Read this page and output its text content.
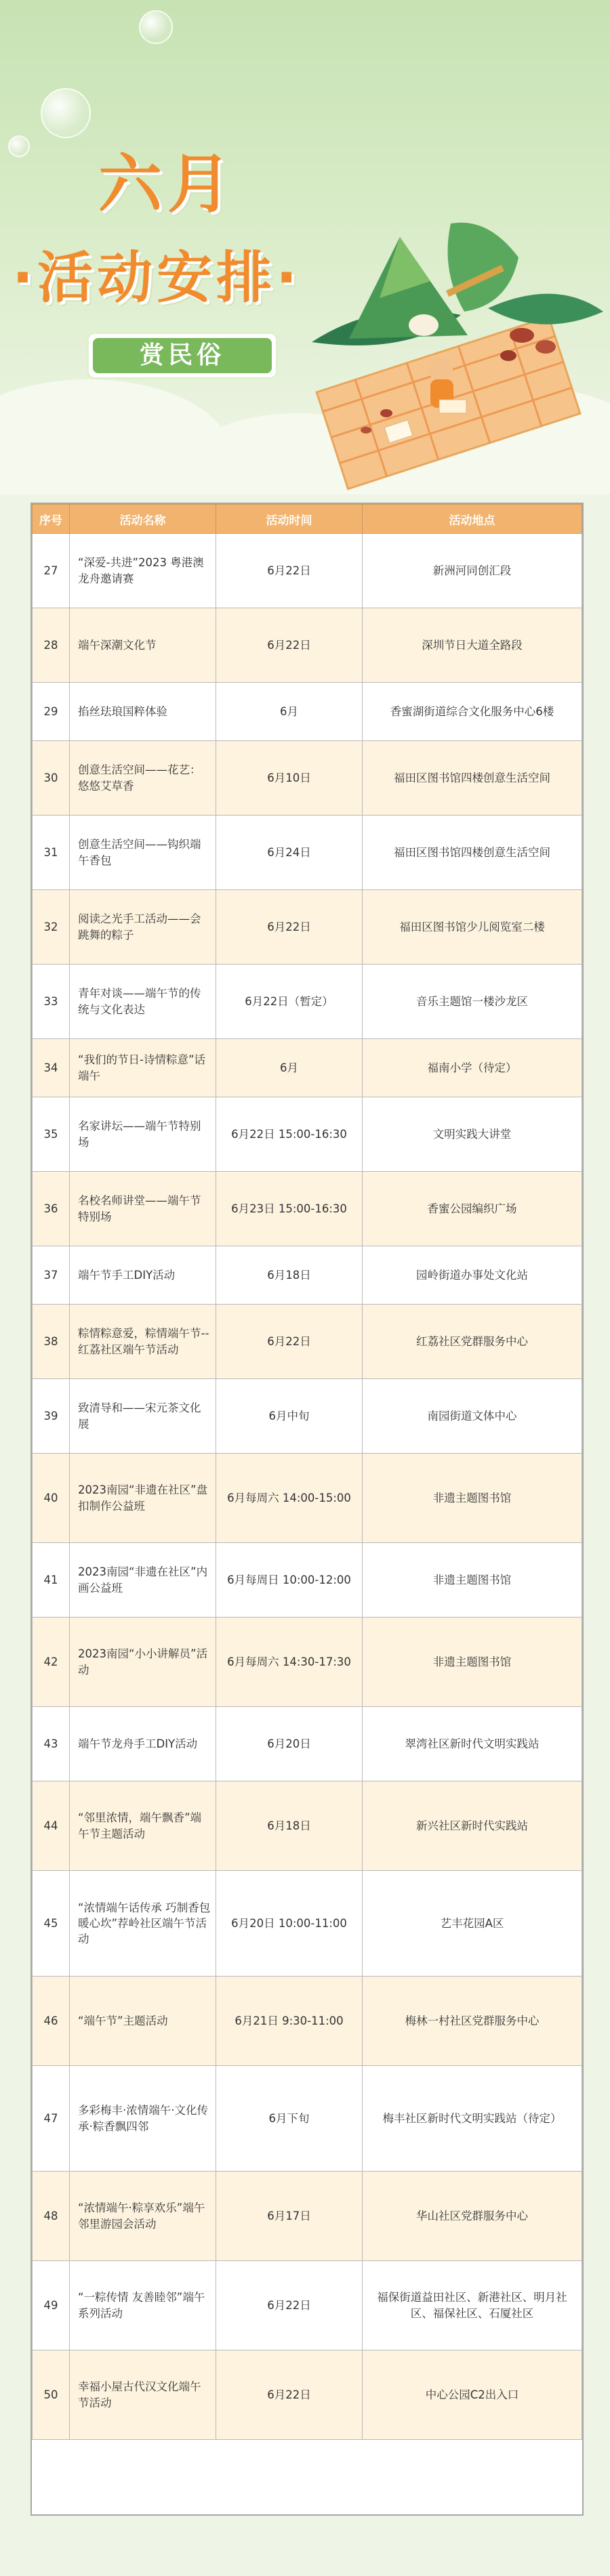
六月
·活动安排·
赏民俗
序号	活动名称	活动时间	活动地点
27	“深爱-共进”2023 粤港澳龙舟邀请赛	6月22日	新洲河同创汇段
28	端午深潮文化节	6月22日	深圳节日大道全路段
29	掐丝珐琅国粹体验	6月	香蜜湖街道综合文化服务中心6楼
30	创意生活空间——花艺：悠悠艾草香	6月10日	福田区图书馆四楼创意生活空间
31	创意生活空间——钩织端午香包	6月24日	福田区图书馆四楼创意生活空间
32	阅读之光手工活动——会跳舞的粽子	6月22日	福田区图书馆少儿阅览室二楼
33	青年对谈——端午节的传统与文化表达	6月22日（暂定）	音乐主题馆一楼沙龙区
34	“我们的节日-诗情粽意”话端午	6月	福南小学（待定）
35	名家讲坛——端午节特别场	6月22日 15:00-16:30	文明实践大讲堂
36	名校名师讲堂——端午节特别场	6月23日 15:00-16:30	香蜜公园编织广场
37	端午节手工DIY活动	6月18日	园岭街道办事处文化站
38	粽情粽意爱，粽情端午节--红荔社区端午节活动	6月22日	红荔社区党群服务中心
39	致清导和——宋元茶文化展	6月中旬	南园街道文体中心
40	2023南园“非遗在社区”盘扣制作公益班	6月每周六 14:00-15:00	非遗主题图书馆
41	2023南园“非遗在社区”内画公益班	6月每周日 10:00-12:00	非遗主题图书馆
42	2023南园“小小讲解员”活动	6月每周六 14:30-17:30	非遗主题图书馆
43	端午节龙舟手工DIY活动	6月20日	翠湾社区新时代文明实践站
44	“邻里浓情，端午飘香”端午节主题活动	6月18日	新兴社区新时代实践站
45	“浓情端午话传承 巧制香包暖心坎”荐岭社区端午节活动	6月20日 10:00-11:00	艺丰花园A区
46	“端午节”主题活动	6月21日 9:30-11:00	梅林一村社区党群服务中心
47	多彩梅丰·浓情端午·文化传承·粽香飘四邻	6月下旬	梅丰社区新时代文明实践站（待定）
48	“浓情端午·粽享欢乐”端午邻里游园会活动	6月17日	华山社区党群服务中心
49	“一粽传情 友善睦邻”端午系列活动	6月22日	福保街道益田社区、新港社区、明月社区、福保社区、石厦社区
50	幸福小屋古代汉文化端午节活动	6月22日	中心公园C2出入口
